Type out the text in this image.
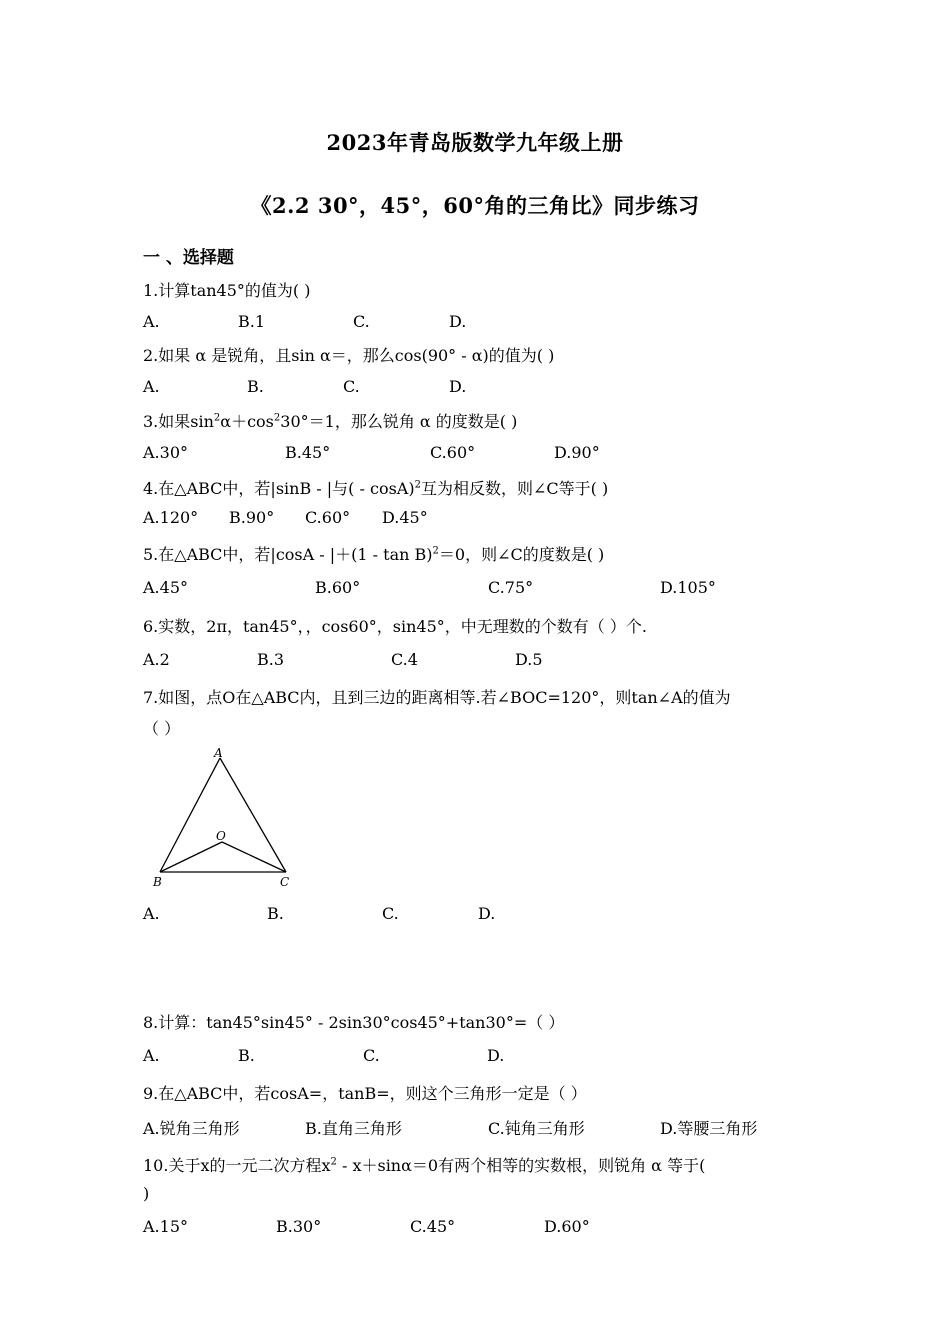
2023年青岛版数学九年级上册
《2.2 30°，45°，60°角的三角比》同步练习
一 、选择题
1.计算tan45°的值为( )
A.	B.1	C.	D.
2.如果 α 是锐角，且sin α＝，那么cos(90° - α)的值为( )
A.	B.	C.	D.
3.如果$\sin^2\alpha+\cos^230^\circ=1$，那么锐角 α 的度数是( )
A.30°	B.45°	C.60°	D.90°
4.在△ABC中，若|sinB - |与( - cosA)$^2$互为相反数，则∠C等于( )
A.120° B.90° C.60° D.45°
5.在△ABC中，若|cosA - |＋(1 - tan B)$^2$＝0，则∠C的度数是( )
A.45°	B.60°	C.75°	D.105°
6.实数，2π，tan45°，，cos60°，sin45°，中无理数的个数有（ ）个.
A.2	B.3	C.4	D.5
7.如图，点O在△ABC内，且到三边的距离相等.若∠BOC=120°，则tan∠A的值为
（ ）
A
O
B	C
A.	B.	C.	D.
8.计算：tan45°sin45° - 2sin30°cos45°+tan30°=（ ）
A.	B.	C.	D.
9.在△ABC中，若cosA=，tanB=，则这个三角形一定是（ ）
A.锐角三角形	B.直角三角形	C.钝角三角形	D.等腰三角形
10.关于x的一元二次方程$x^2 - x+\sin\alpha=0$有两个相等的实数根，则锐角 α 等于(
)
A.15°	B.30°	C.45°	D.60°
